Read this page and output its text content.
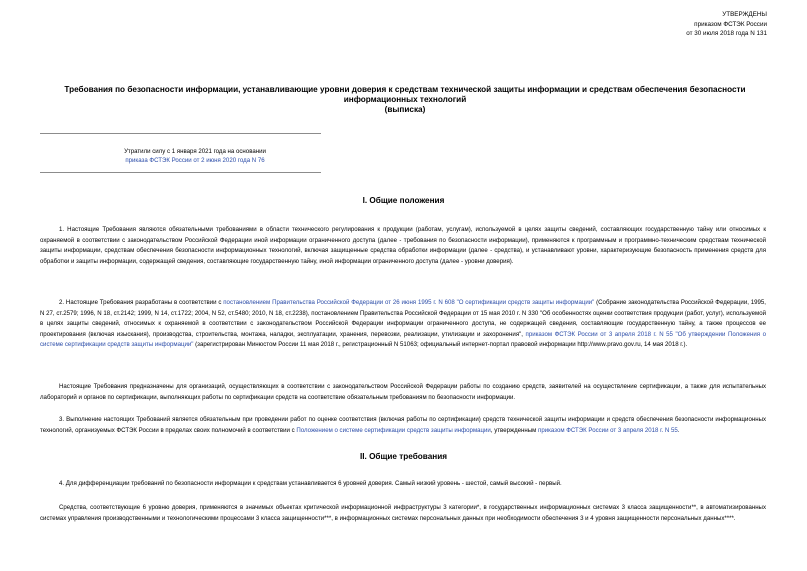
УТВЕРЖДЕНЫ
приказом ФСТЭК России
от 30 июля 2018 года N 131
Требования по безопасности информации, устанавливающие уровни доверия к средствам технической защиты информации и средствам обеспечения безопасности информационных технологий
(выписка)
Утратили силу с 1 января 2021 года на основании
приказа ФСТЭК России от 2 июня 2020 года N 76
I. Общие положения
1. Настоящие Требования являются обязательными требованиями в области технического регулирования к продукции (работам, услугам), используемой в целях защиты сведений, составляющих государственную тайну или относимых к охраняемой в соответствии с законодательством Российской Федерации иной информации ограниченного доступа (далее - требования по безопасности информации), применяются к программным и программно-техническим средствам технической защиты информации, средствам обеспечения безопасности информационных технологий, включая защищенные средства обработки информации (далее - средства), и устанавливают уровни, характеризующие безопасность применения средств для обработки и защиты информации, содержащей сведения, составляющие государственную тайну, иной информации ограниченного доступа (далее - уровни доверия).
2. Настоящие Требования разработаны в соответствии с постановлением Правительства Российской Федерации от 26 июня 1995 г. N 608 "О сертификации средств защиты информации" (Собрание законодательства Российской Федерации, 1995, N 27, ст.2579; 1996, N 18, ст.2142; 1999, N 14, ст.1722; 2004, N 52, ст.5480; 2010, N 18, ст.2238), постановлением Правительства Российской Федерации от 15 мая 2010 г. N 330 "Об особенностях оценки соответствия продукции (работ, услуг), используемой в целях защиты сведений, относимых к охраняемой в соответствии с законодательством Российской Федерации информации ограниченного доступа, не содержащей сведения, составляющие государственную тайну, а также процессов ее проектирования (включая изыскания), производства, строительства, монтажа, наладки, эксплуатации, хранения, перевозки, реализации, утилизации и захоронения", приказом ФСТЭК России от 3 апреля 2018 г. N 55 "Об утверждении Положения о системе сертификации средств защиты информации" (зарегистрирован Минюстом России 11 мая 2018 г., регистрационный N 51063; официальный интернет-портал правовой информации http://www.pravo.gov.ru, 14 мая 2018 г.).
Настоящие Требования предназначены для организаций, осуществляющих в соответствии с законодательством Российской Федерации работы по созданию средств, заявителей на осуществление сертификации, а также для испытательных лабораторий и органов по сертификации, выполняющих работы по сертификации средств на соответствие обязательным требованиям по безопасности информации.
3. Выполнение настоящих Требований является обязательным при проведении работ по оценке соответствия (включая работы по сертификации) средств технической защиты информации и средств обеспечения безопасности информационных технологий, организуемых ФСТЭК России в пределах своих полномочий в соответствии с Положением о системе сертификации средств защиты информации, утвержденным приказом ФСТЭК России от 3 апреля 2018 г. N 55.
II. Общие требования
4. Для дифференциации требований по безопасности информации к средствам устанавливается 6 уровней доверия. Самый низкий уровень - шестой, самый высокий - первый.
Средства, соответствующие 6 уровню доверия, применяются в значимых объектах критической информационной инфраструктуры 3 категории*, в государственных информационных системах 3 класса защищенности**, в автоматизированных системах управления производственными и технологическими процессами 3 класса защищенности***, в информационных системах персональных данных при необходимости обеспечения 3 и 4 уровня защищенности персональных данных****.
